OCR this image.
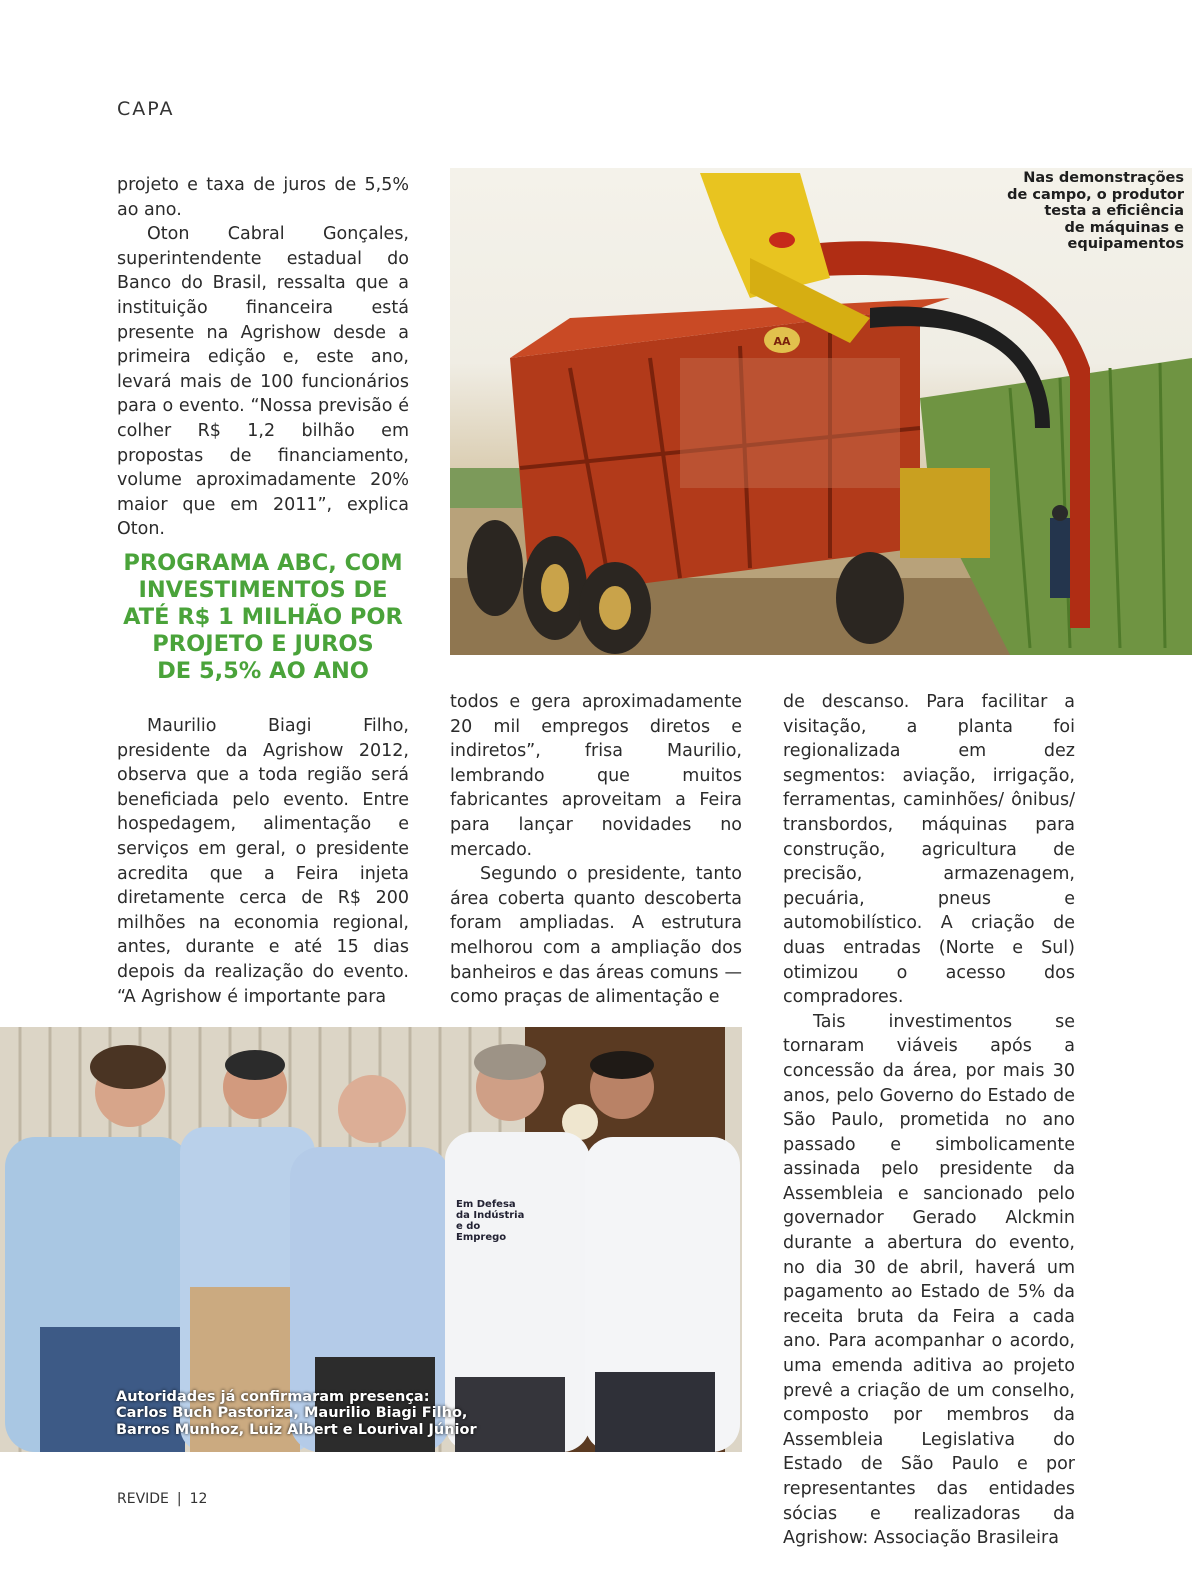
CAPA

projeto e taxa de juros de 5,5% ao ano.

Oton Cabral Gonçales, superintendente estadual do Banco do Brasil, ressalta que a instituição financeira está presente na Agrishow desde a primeira edição e, este ano, levará mais de 100 funcionários para o evento. “Nossa previsão é colher R$ 1,2 bilhão em propostas de financiamento, volume aproximadamente 20% maior que em 2011”, explica Oton.

PROGRAMA ABC, COM
INVESTIMENTOS DE
ATÉ R$ 1 MILHÃO POR
PROJETO E JUROS
DE 5,5% AO ANO

Maurilio Biagi Filho, presidente da Agrishow 2012, observa que a toda região será beneficiada pelo evento. Entre hospedagem, alimentação e serviços em geral, o presidente acredita que a Feira injeta diretamente cerca de R$ 200 milhões na economia regional, antes, durante e até 15 dias depois da realização do evento. “A Agrishow é importante para

todos e gera aproximadamente 20 mil empregos diretos e indiretos”, frisa Maurilio, lembrando que muitos fabricantes aproveitam a Feira para lançar novidades no mercado.

Segundo o presidente, tanto área coberta quanto descoberta foram ampliadas. A estrutura melhorou com a ampliação dos banheiros e das áreas comuns — como praças de alimentação e

de descanso. Para facilitar a visitação, a planta foi regionalizada em dez segmentos: aviação, irrigação, ferramentas, caminhões/ ônibus/ transbordos, máquinas para construção, agricultura de precisão, armazenagem, pecuária, pneus e automobilístico. A criação de duas entradas (Norte e Sul) otimizou o acesso dos compradores.

Tais investimentos se tornaram viáveis após a concessão da área, por mais 30 anos, pelo Governo do Estado de São Paulo, prometida no ano passado e simbolicamente assinada pelo presidente da Assembleia e sancionado pelo governador Gerado Alckmin durante a abertura do evento, no dia 30 de abril, haverá um pagamento ao Estado de 5% da receita bruta da Feira a cada ano. Para acompanhar o acordo, uma emenda aditiva ao projeto prevê a criação de um conselho, composto por membros da Assembleia Legislativa do Estado de São Paulo e por representantes das entidades sócias e realizadoras da Agrishow: Associação Brasileira

AA
Nas demonstrações
de campo, o produtor
testa a eficiência
de máquinas e
equipamentos
Em Defesa
da Indústria
e do
Emprego
Autoridades já confirmaram presença:
Carlos Buch Pastoriza, Maurilio Biagi Filho,
Barros Munhoz, Luiz Albert e Lourival Júnior
REVIDE | 12
